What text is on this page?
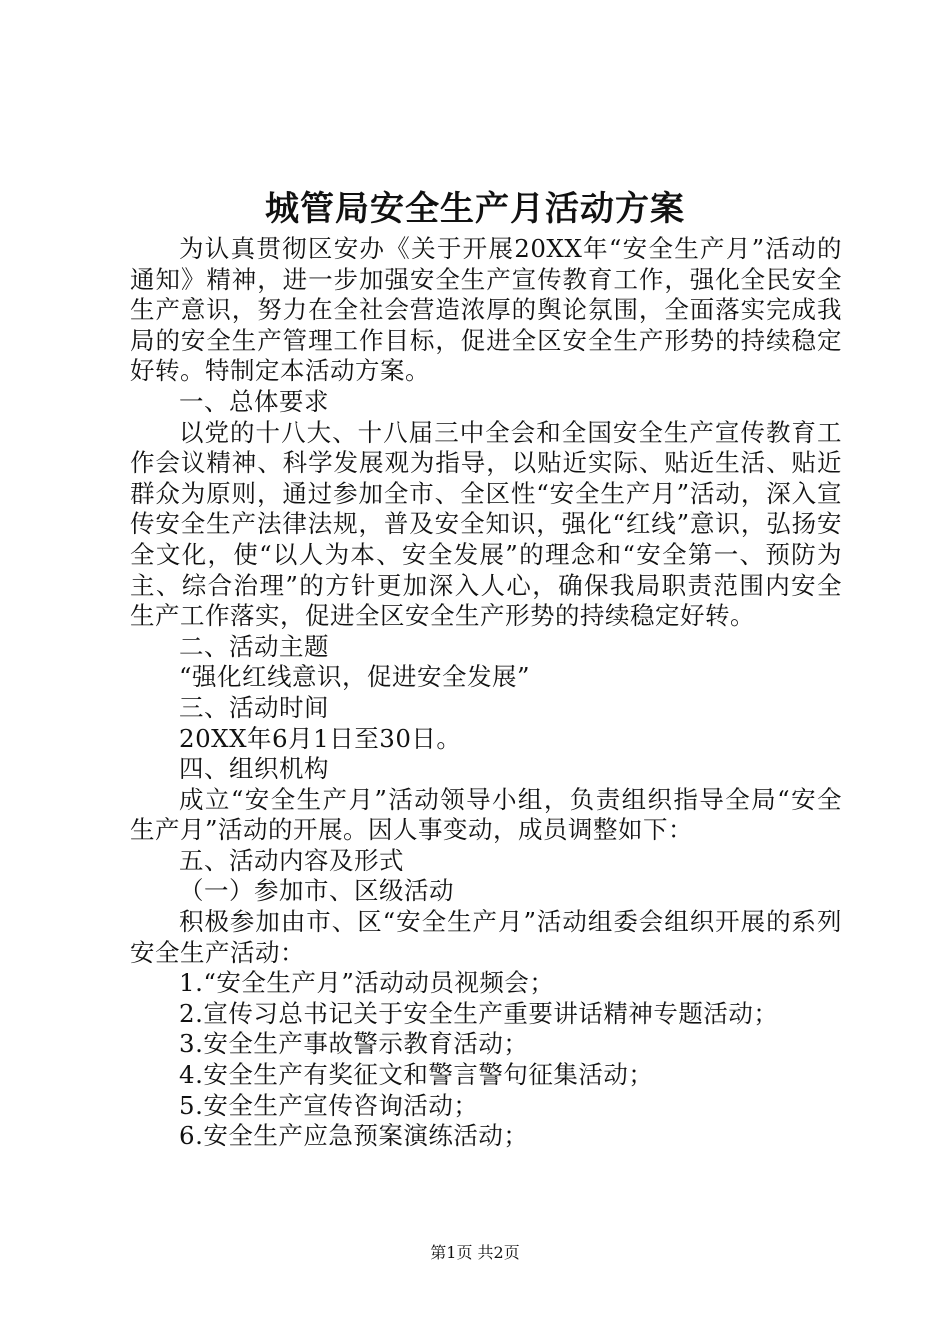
城管局安全生产月活动方案

为认真贯彻区安办《关于开展20XX年“安全生产月”活动的通知》精神，进一步加强安全生产宣传教育工作，强化全民安全生产意识，努力在全社会营造浓厚的舆论氛围，全面落实完成我局的安全生产管理工作目标，促进全区安全生产形势的持续稳定好转。特制定本活动方案。

一、总体要求

以党的十八大、十八届三中全会和全国安全生产宣传教育工作会议精神、科学发展观为指导，以贴近实际、贴近生活、贴近群众为原则，通过参加全市、全区性“安全生产月”活动，深入宣传安全生产法律法规，普及安全知识，强化“红线”意识，弘扬安全文化，使“以人为本、安全发展”的理念和“安全第一、预防为主、综合治理”的方针更加深入人心，确保我局职责范围内安全生产工作落实，促进全区安全生产形势的持续稳定好转。

二、活动主题

“强化红线意识，促进安全发展”

三、活动时间

20XX年6月1日至30日。

四、组织机构

成立“安全生产月”活动领导小组，负责组织指导全局“安全生产月”活动的开展。因人事变动，成员调整如下：

五、活动内容及形式

（一）参加市、区级活动

积极参加由市、区“安全生产月”活动组委会组织开展的系列安全生产活动：

1.“安全生产月”活动动员视频会；

2.宣传习总书记关于安全生产重要讲话精神专题活动；

3.安全生产事故警示教育活动；

4.安全生产有奖征文和警言警句征集活动；

5.安全生产宣传咨询活动；

6.安全生产应急预案演练活动；

第1页 共2页
